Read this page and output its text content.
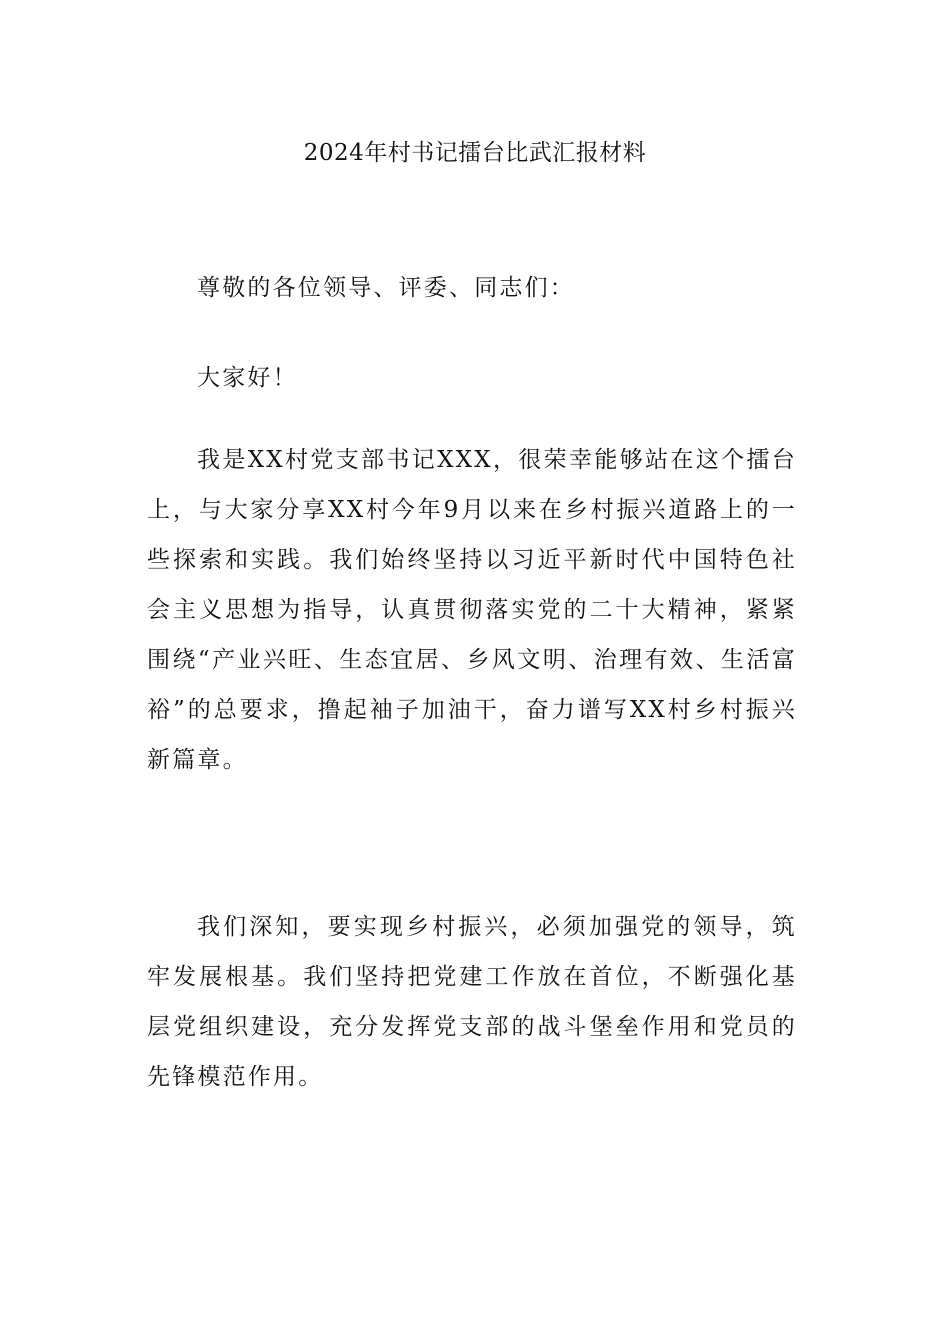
2024年村书记擂台比武汇报材料

尊敬的各位领导、评委、同志们：

大家好！

我是XX村党支部书记XXX，很荣幸能够站在这个擂台上，与大家分享XX村今年9月以来在乡村振兴道路上的一些探索和实践。我们始终坚持以习近平新时代中国特色社会主义思想为指导，认真贯彻落实党的二十大精神，紧紧围绕“产业兴旺、生态宜居、乡风文明、治理有效、生活富裕”的总要求，撸起袖子加油干，奋力谱写XX村乡村振兴新篇章。

我们深知，要实现乡村振兴，必须加强党的领导，筑牢发展根基。我们坚持把党建工作放在首位，不断强化基层党组织建设，充分发挥党支部的战斗堡垒作用和党员的先锋模范作用。
